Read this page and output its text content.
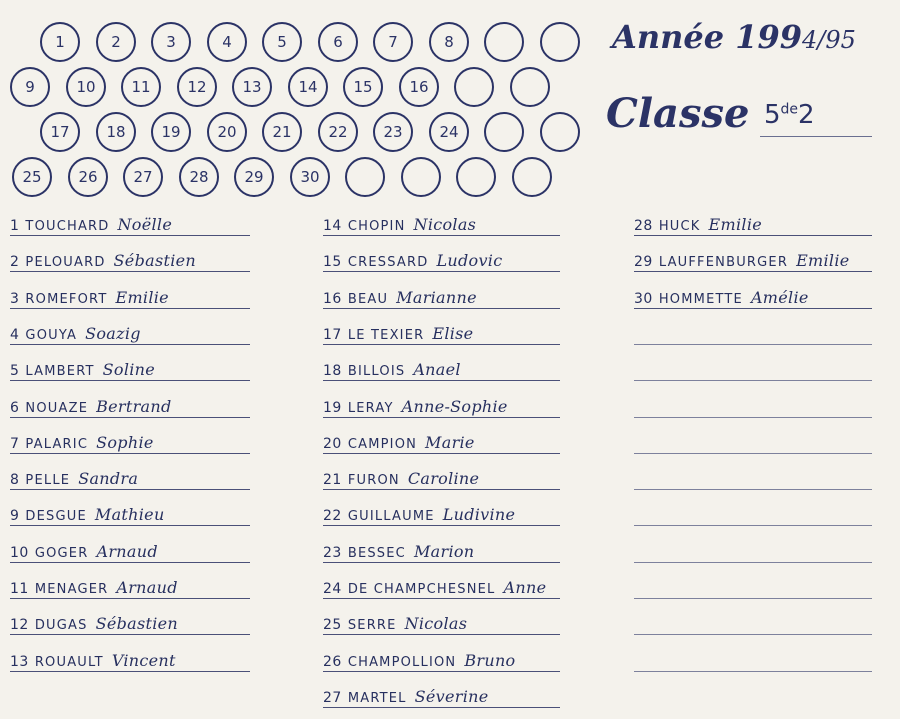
1	2	3	4	5	6	7	8
9	10	11	12	13	14	15	16
17	18	19	20	21	22	23	24
25	26	27	28	29	30
Année 1994/95
Classe 5de2
1 TOUCHARD Noëlle
2 PELOUARD Sébastien
3 ROMEFORT Emilie
4 GOUYA Soazig
5 LAMBERT Soline
6 NOUAZE Bertrand
7 PALARIC Sophie
8 PELLE Sandra
9 DESGUE Mathieu
10 GOGER Arnaud
11 MENAGER Arnaud
12 DUGAS Sébastien
13 ROUAULT Vincent
14 CHOPIN Nicolas
15 CRESSARD Ludovic
16 BEAU Marianne
17 LE TEXIER Elise
18 BILLOIS Anael
19 LERAY Anne-Sophie
20 CAMPION Marie
21 FURON Caroline
22 GUILLAUME Ludivine
23 BESSEC Marion
24 DE CHAMPCHESNEL Anne
25 SERRE Nicolas
26 CHAMPOLLION Bruno
27 MARTEL Séverine
28 HUCK Emilie
29 LAUFFENBURGER Emilie
30 HOMMETTE Amélie
